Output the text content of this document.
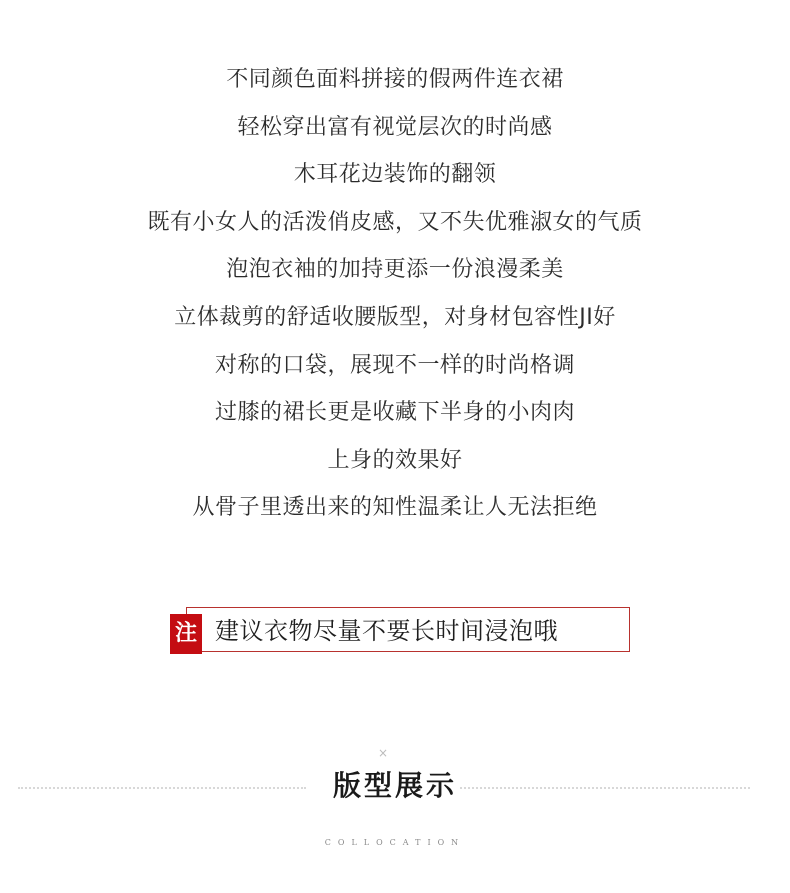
不同颜色面料拼接的假两件连衣裙
轻松穿出富有视觉层次的时尚感
木耳花边装饰的翻领
既有小女人的活泼俏皮感，又不失优雅淑女的气质
泡泡衣袖的加持更添一份浪漫柔美
立体裁剪的舒适收腰版型，对身材包容性JI好
对称的口袋，展现不一样的时尚格调
过膝的裙长更是收藏下半身的小肉肉
上身的效果好
从骨子里透出来的知性温柔让人无法拒绝
注 建议衣物尽量不要长时间浸泡哦
×
版型展示
COLLOCATION
